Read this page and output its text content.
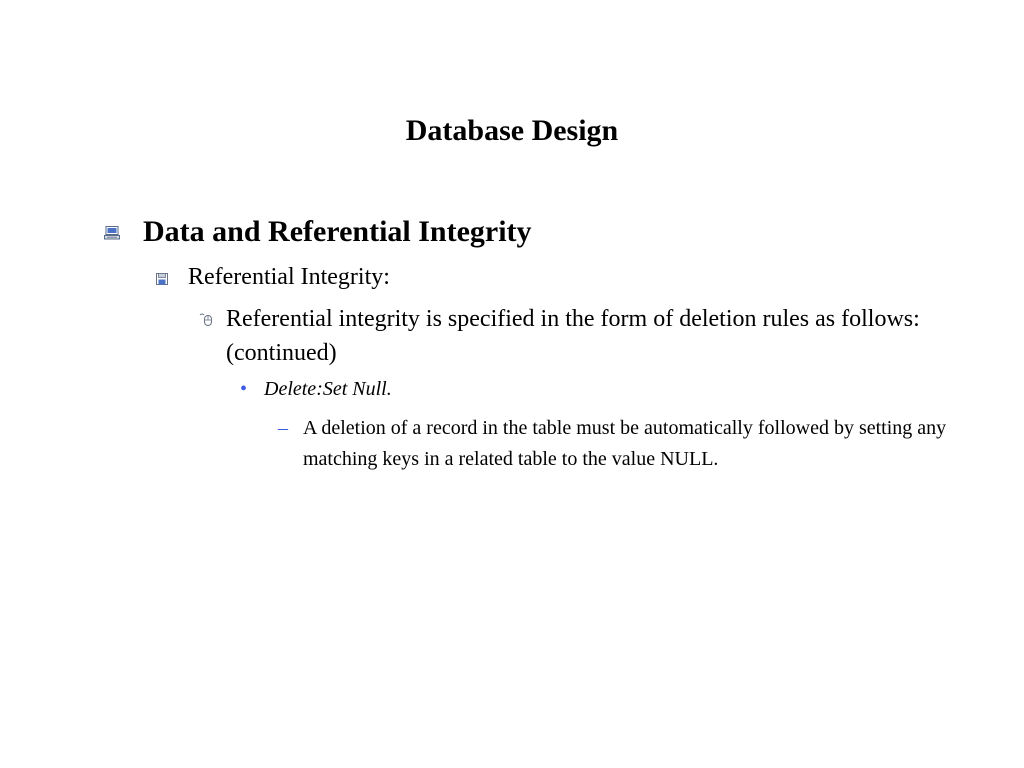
Database Design
Data and Referential Integrity
Referential Integrity:
Referential integrity is specified in the form of deletion rules as follows: (continued)
• Delete:Set Null.
– A deletion of a record in the table must be automatically followed by setting any matching keys in a related table to the value NULL.
